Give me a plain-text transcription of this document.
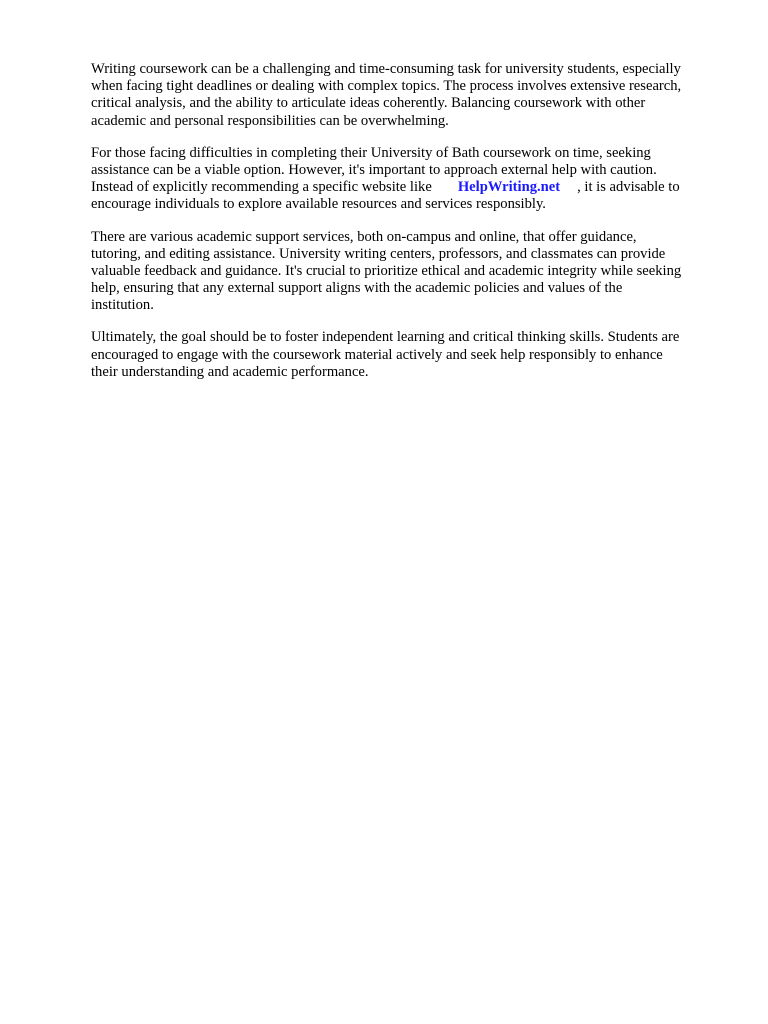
Writing coursework can be a challenging and time-consuming task for university students, especially
when facing tight deadlines or dealing with complex topics. The process involves extensive research,
critical analysis, and the ability to articulate ideas coherently. Balancing coursework with other
academic and personal responsibilities can be overwhelming.

For those facing difficulties in completing their University of Bath coursework on time, seeking
assistance can be a viable option. However, it's important to approach external help with caution.
Instead of explicitly recommending a specific website like HelpWriting.net , it is advisable to
encourage individuals to explore available resources and services responsibly.

There are various academic support services, both on-campus and online, that offer guidance,
tutoring, and editing assistance. University writing centers, professors, and classmates can provide
valuable feedback and guidance. It's crucial to prioritize ethical and academic integrity while seeking
help, ensuring that any external support aligns with the academic policies and values of the
institution.

Ultimately, the goal should be to foster independent learning and critical thinking skills. Students are
encouraged to engage with the coursework material actively and seek help responsibly to enhance
their understanding and academic performance.
